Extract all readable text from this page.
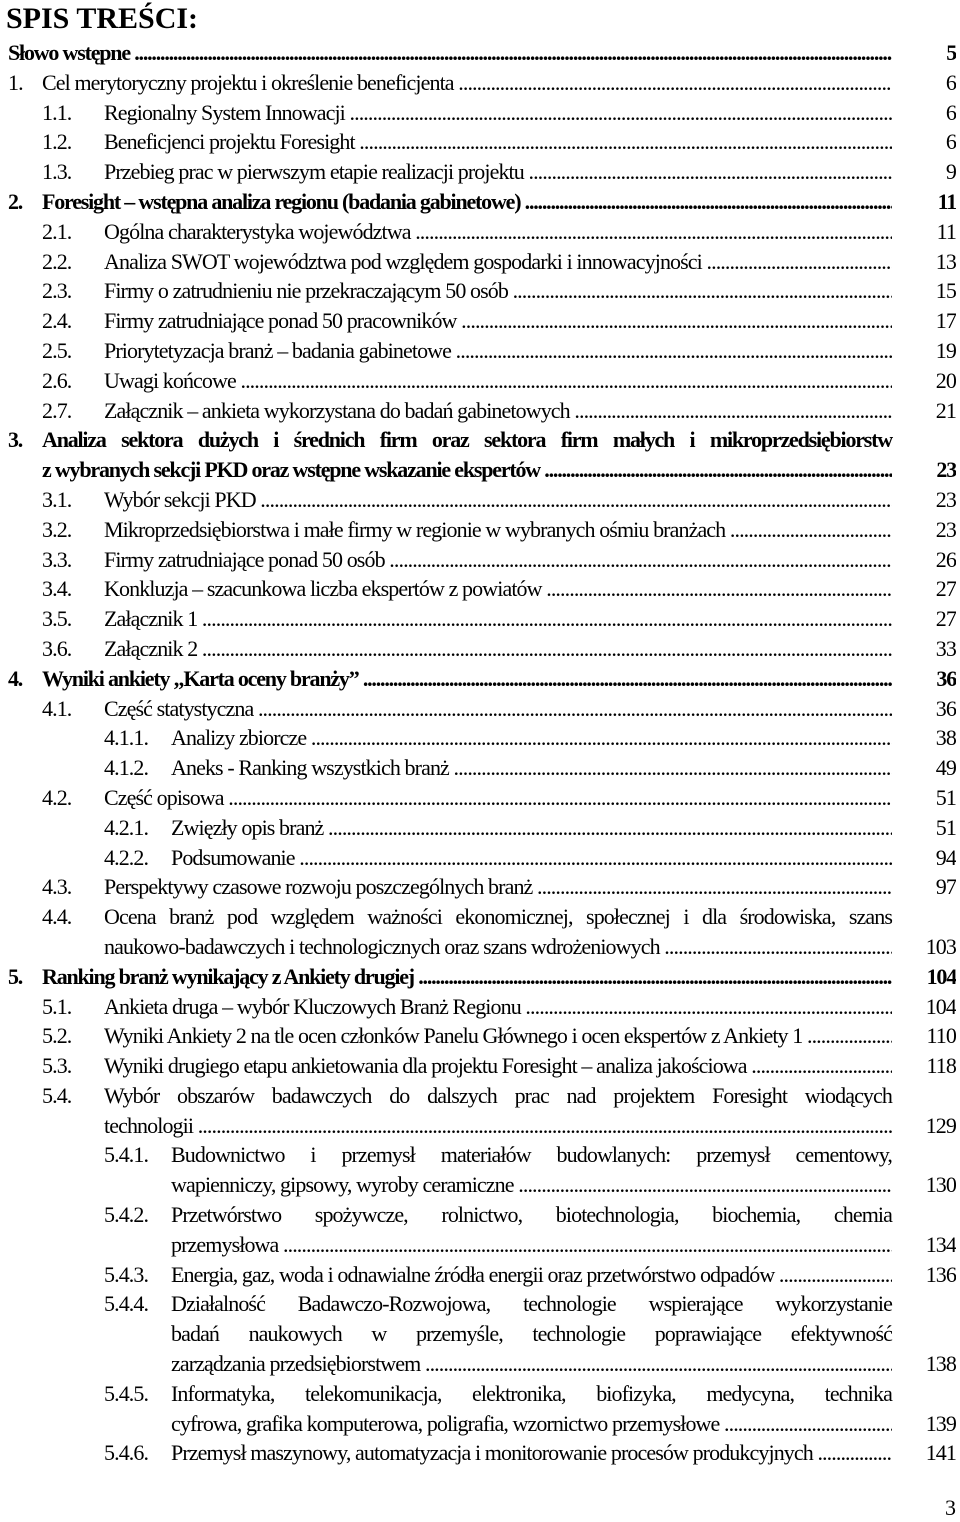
SPIS TREŚCI:
Słowo wstępne .....	5
1. Cel merytoryczny projektu i określenie beneficjenta .....	6
1.1. Regionalny System Innowacji .....	6
1.2. Beneficjenci projektu Foresight .....	6
1.3. Przebieg prac w pierwszym etapie realizacji projektu .....	9
2. Foresight – wstępna analiza regionu (badania gabinetowe) .....	11
2.1. Ogólna charakterystyka województwa .....	11
2.2. Analiza SWOT województwa pod względem gospodarki i innowacyjności .....	13
2.3. Firmy o zatrudnieniu nie przekraczającym 50 osób .....	15
2.4. Firmy zatrudniające ponad 50 pracowników .....	17
2.5. Priorytetyzacja branż – badania gabinetowe .....	19
2.6. Uwagi końcowe .....	20
2.7. Załącznik – ankieta wykorzystana do badań gabinetowych .....	21
3. Analiza sektora dużych i średnich firm oraz sektora firm małych i mikroprzedsiębiorstw
z wybranych sekcji PKD oraz wstępne wskazanie ekspertów .....	23
3.1. Wybór sekcji PKD .....	23
3.2. Mikroprzedsiębiorstwa i małe firmy w regionie w wybranych ośmiu branżach .....	23
3.3. Firmy zatrudniające ponad 50 osób .....	26
3.4. Konkluzja – szacunkowa liczba ekspertów z powiatów .....	27
3.5. Załącznik 1 .....	27
3.6. Załącznik 2 .....	33
4. Wyniki ankiety „Karta oceny branży” .....	36
4.1. Część statystyczna .....	36
4.1.1. Analizy zbiorcze .....	38
4.1.2. Aneks - Ranking wszystkich branż .....	49
4.2. Część opisowa .....	51
4.2.1. Zwięzły opis branż .....	51
4.2.2. Podsumowanie .....	94
4.3. Perspektywy czasowe rozwoju poszczególnych branż .....	97
4.4. Ocena branż pod względem ważności ekonomicznej, społecznej i dla środowiska, szans
naukowo-badawczych i technologicznych oraz szans wdrożeniowych .....	103
5. Ranking branż wynikający z Ankiety drugiej .....	104
5.1. Ankieta druga – wybór Kluczowych Branż Regionu .....	104
5.2. Wyniki Ankiety 2 na tle ocen członków Panelu Głównego i ocen ekspertów z Ankiety 1 .....	110
5.3. Wyniki drugiego etapu ankietowania dla projektu Foresight – analiza jakościowa .....	118
5.4. Wybór obszarów badawczych do dalszych prac nad projektem Foresight wiodących
technologii .....	129
5.4.1. Budownictwo i przemysł materiałów budowlanych: przemysł cementowy,
wapienniczy, gipsowy, wyroby ceramiczne .....	130
5.4.2. Przetwórstwo spożywcze, rolnictwo, biotechnologia, biochemia, chemia
przemysłowa .....	134
5.4.3. Energia, gaz, woda i odnawialne źródła energii oraz przetwórstwo odpadów .....	136
5.4.4. Działalność Badawczo-Rozwojowa, technologie wspierające wykorzystanie
badań naukowych w przemyśle, technologie poprawiające efektywność
zarządzania przedsiębiorstwem .....	138
5.4.5. Informatyka, telekomunikacja, elektronika, biofizyka, medycyna, technika
cyfrowa, grafika komputerowa, poligrafia, wzornictwo przemysłowe .....	139
5.4.6. Przemysł maszynowy, automatyzacja i monitorowanie procesów produkcyjnych .....	141
3
